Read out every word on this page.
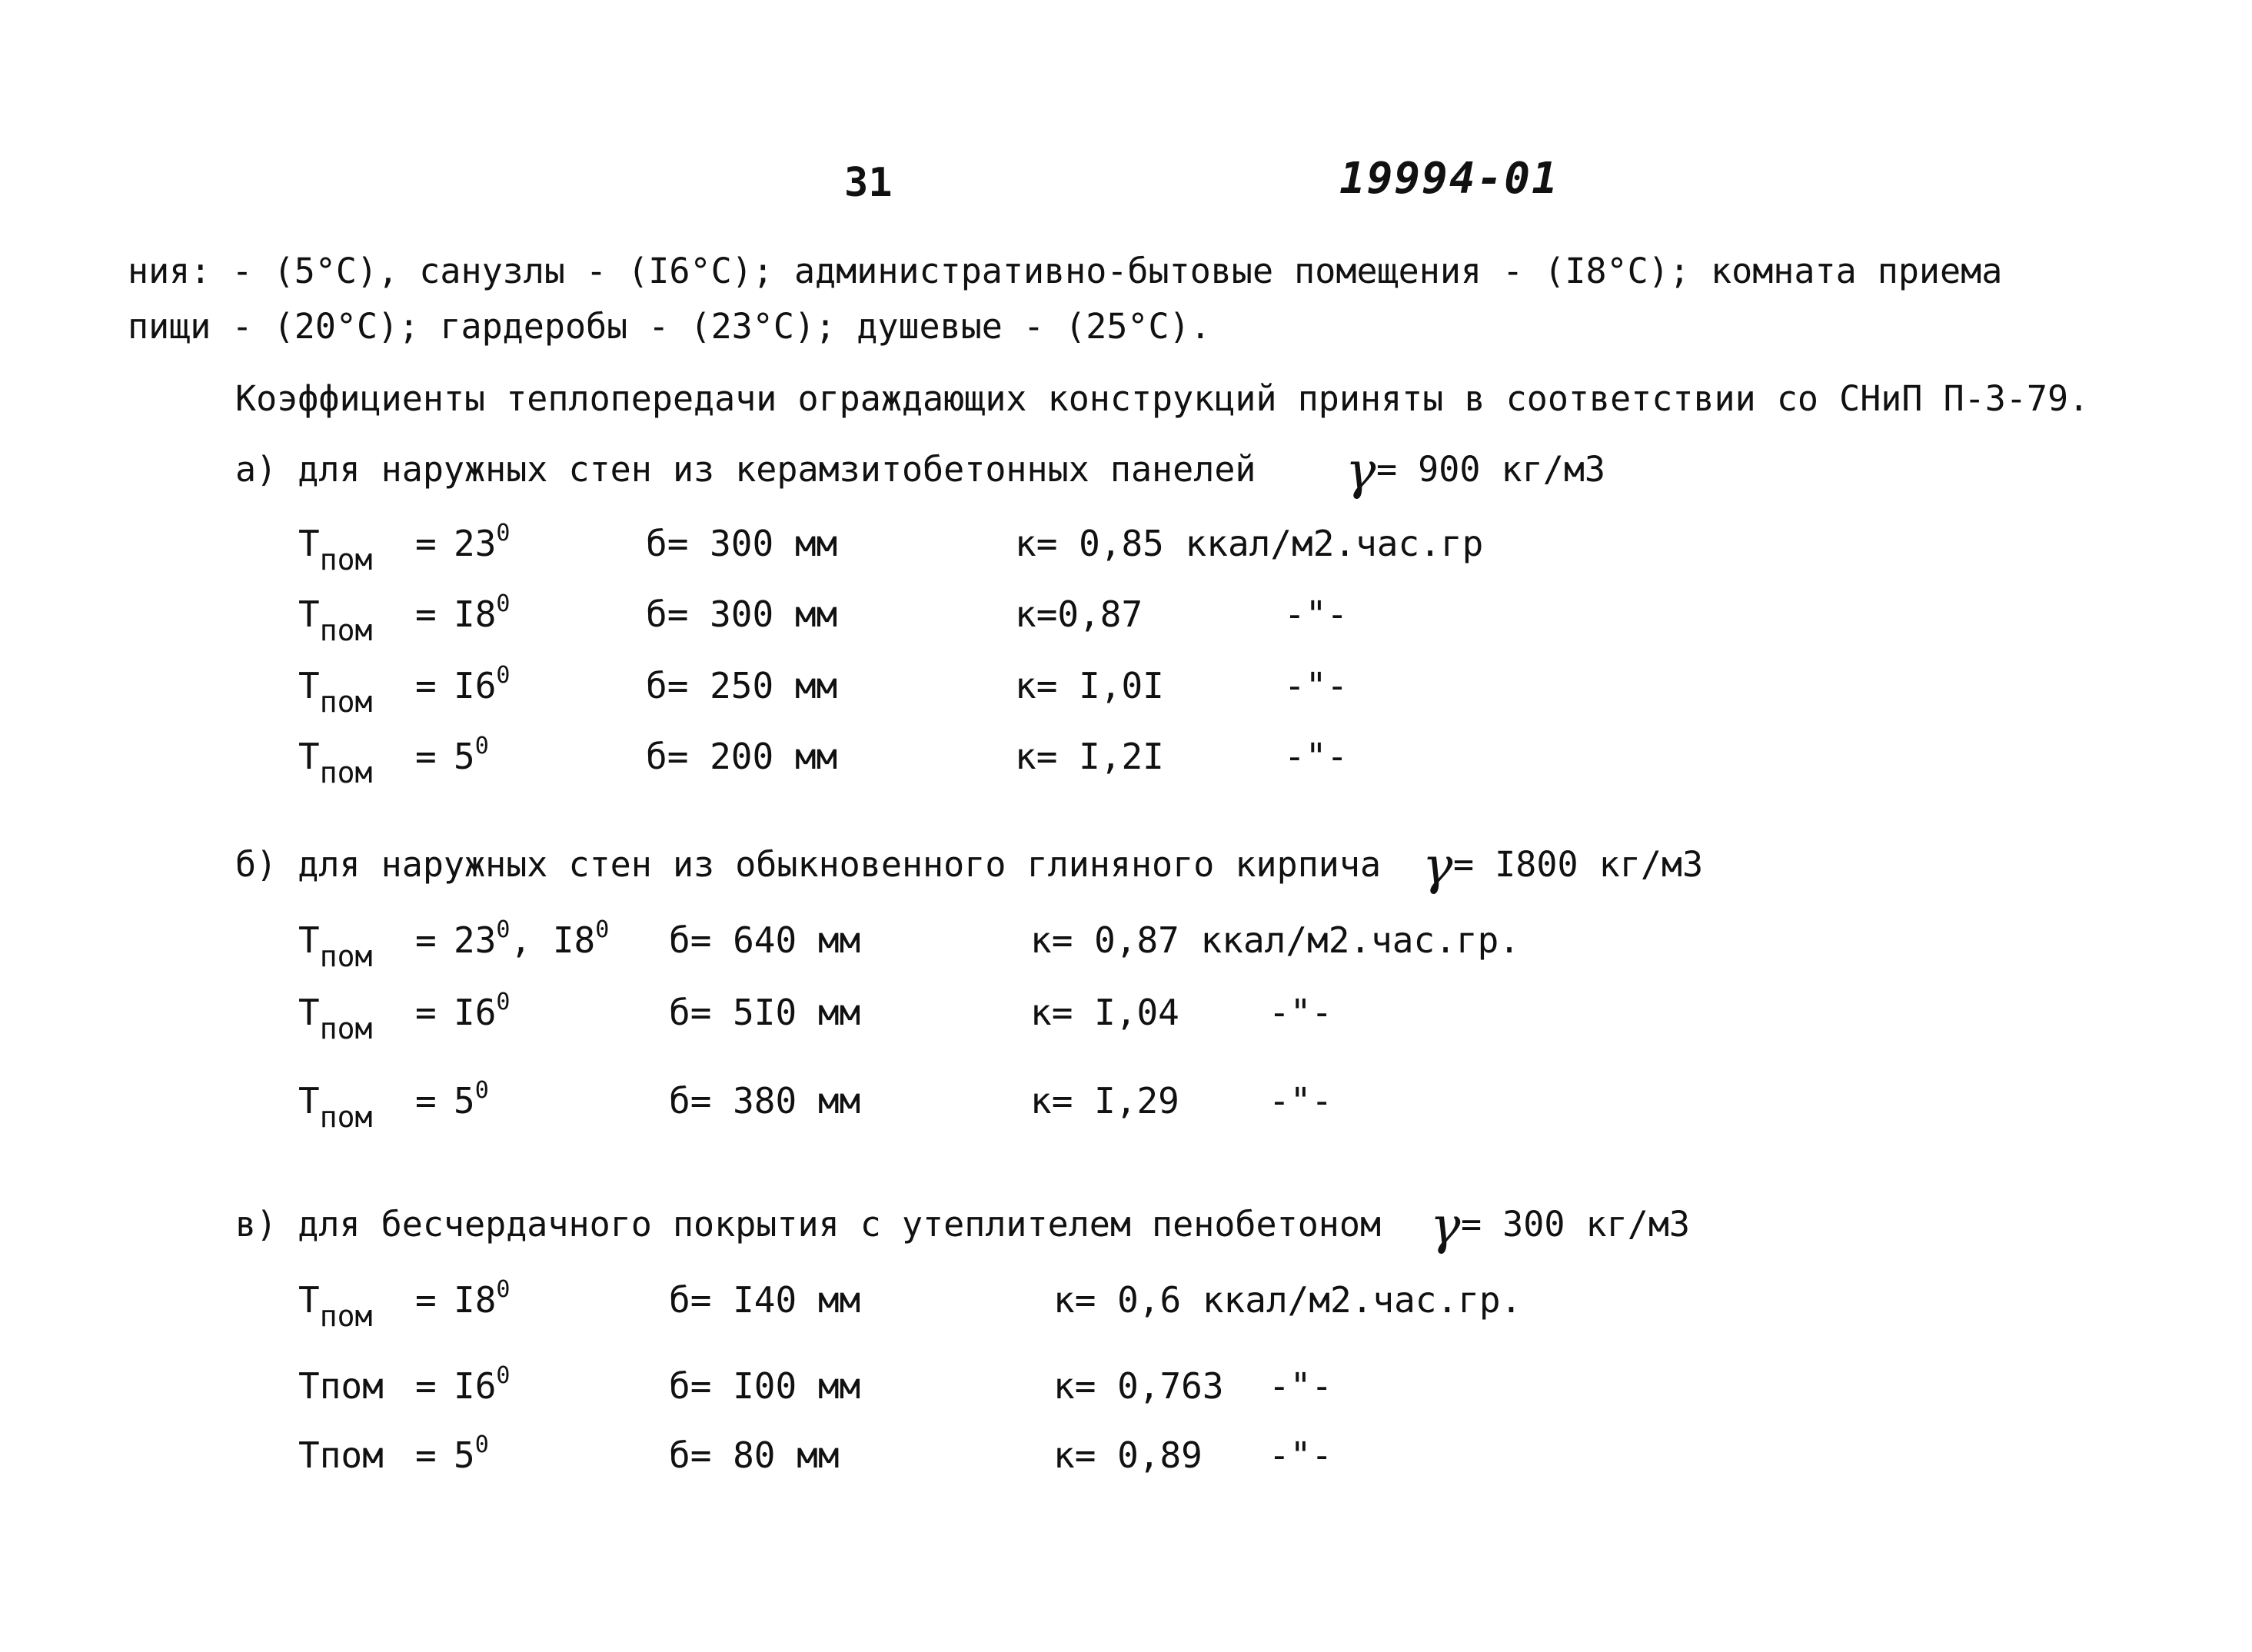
31	19994-01
ния: - (5°С), санузлы - (I6°С); административно-бытовые помещения - (I8°С); комната приема
пищи - (20°С); гардеробы - (23°С); душевые - (25°С).
Коэффициенты теплопередачи ограждающих конструкций приняты в соответствии со СНиП П-3-79.
а) для наружных стен из керамзитобетонных панелей γ = 900 кг/м3
$Т_{пом} = 23^0$	б= 300 мм	к= 0,85 ккал/м2.час.гр
$Т_{пом} = I8^0$	б= 300 мм	к=0,87	-"-
$Т_{пом} = I6^0$	б= 250 мм	к= I,0I	-"-
$Т_{пом} = 5^0$	б= 200 мм	к= I,2I	-"-
б) для наружных стен из обыкновенного глиняного кирпича γ = I800 кг/м3
$Т_{пом} = 23^0$, $I8^0$ б= 640 мм	к= 0,87 ккал/м2.час.гр.
$Т_{пом} = I6^0$	б= 5I0 мм	к= I,04	-"-
$Т_{пом} = 5^0$	б= 380 мм	к= I,29	-"-
в) для бесчердачного покрытия с утеплителем пенобетоном γ = 300 кг/м3
$Т_{пом} = I8^0$	б= I40 мм	к= 0,6 ккал/м2.час.гр.
Тпом = $I6^0$	б= I00 мм	к= 0,763 -"-
Тпом = $5^0$	б= 80 мм	к= 0,89 -"-
